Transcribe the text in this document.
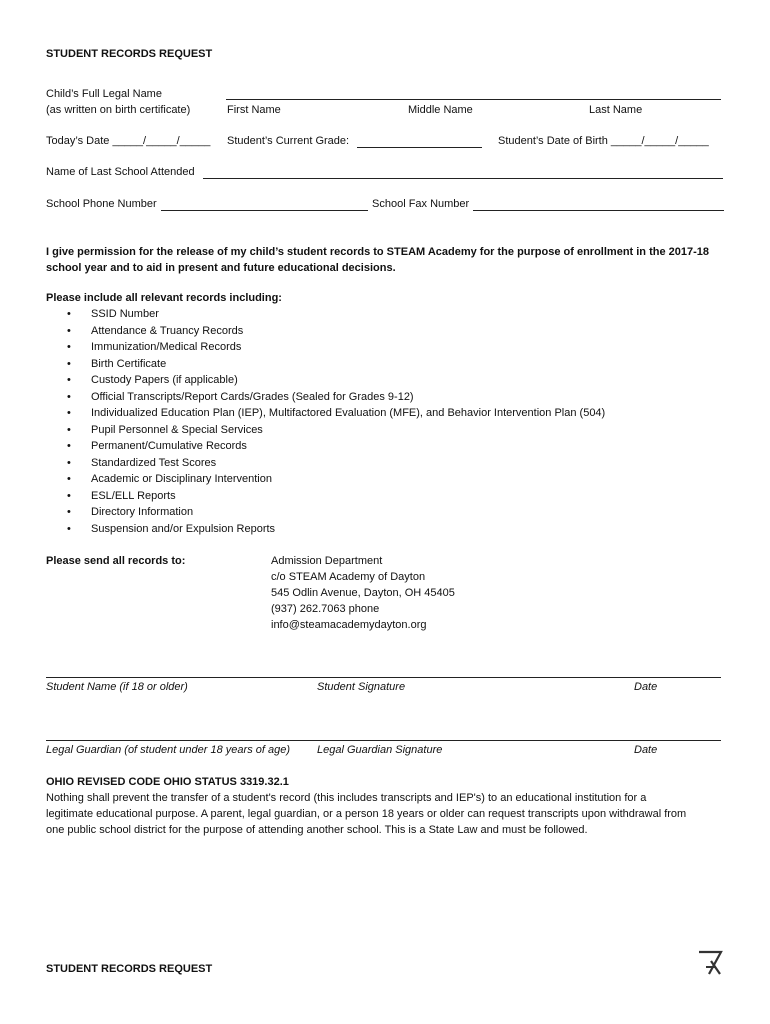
STUDENT RECORDS REQUEST
Child’s Full Legal Name
(as written on birth certificate)	First Name	Middle Name	Last Name
Today’s Date _____/_____/_____ Student’s Current Grade:	Student’s Date of Birth _____/_____/_____
Name of Last School Attended
School Phone Number	School Fax Number
I give permission for the release of my child’s student records to STEAM Academy for the purpose of enrollment in the 2017-18
school year and to aid in present and future educational decisions.
Please include all relevant records including:
• SSID Number
• Attendance & Truancy Records
• Immunization/Medical Records
• Birth Certificate
• Custody Papers (if applicable)
• Official Transcripts/Report Cards/Grades (Sealed for Grades 9-12)
• Individualized Education Plan (IEP), Multifactored Evaluation (MFE), and Behavior Intervention Plan (504)
• Pupil Personnel & Special Services
• Permanent/Cumulative Records
• Standardized Test Scores
• Academic or Disciplinary Intervention
• ESL/ELL Reports
• Directory Information
• Suspension and/or Expulsion Reports
Please send all records to:	Admission Department
c/o STEAM Academy of Dayton
545 Odlin Avenue, Dayton, OH 45405
(937) 262.7063 phone
info@steamacademydayton.org
Student Name (if 18 or older)	Student Signature	Date
Legal Guardian (of student under 18 years of age) Legal Guardian Signature	Date
OHIO REVISED CODE OHIO STATUS 3319.32.1
Nothing shall prevent the transfer of a student's record (this includes transcripts and IEP's) to an educational institution for a
legitimate educational purpose. A parent, legal guardian, or a person 18 years or older can request transcripts upon withdrawal from
one public school district for the purpose of attending another school. This is a State Law and must be followed.
STUDENT RECORDS REQUEST
